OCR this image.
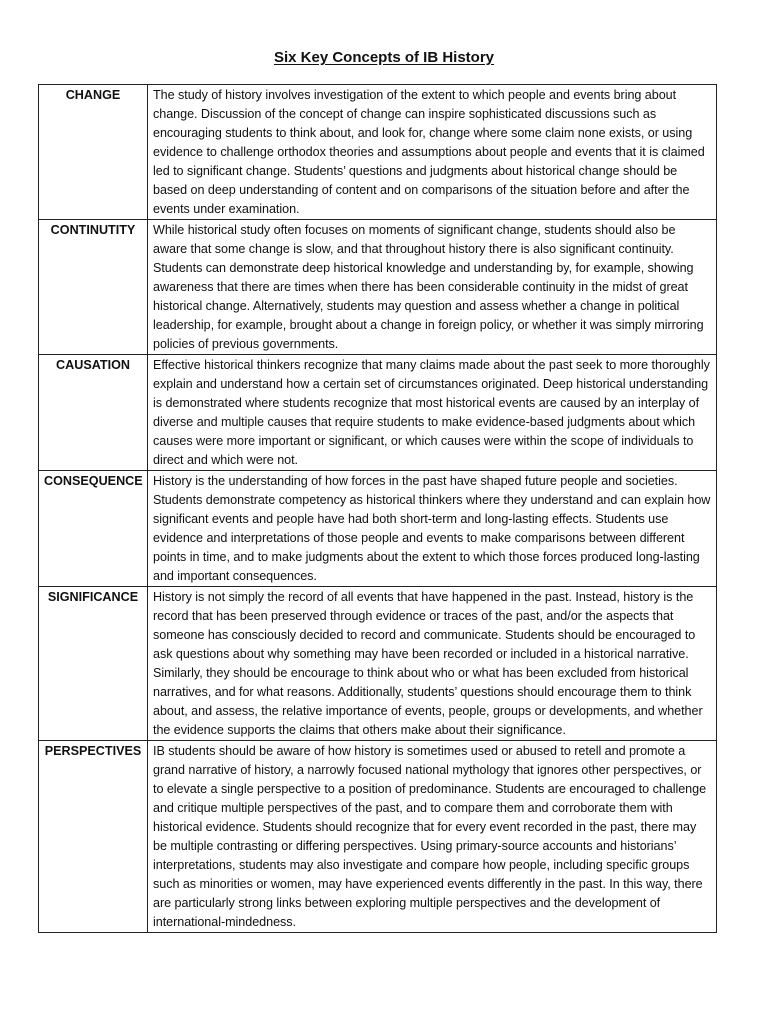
Six Key Concepts of IB History
CHANGE	The study of history involves investigation of the extent to which people and events bring about change. Discussion of the concept of change can inspire sophisticated discussions such as encouraging students to think about, and look for, change where some claim none exists, or using evidence to challenge orthodox theories and assumptions about people and events that it is claimed led to significant change. Students’ questions and judgments about historical change should be based on deep understanding of content and on comparisons of the situation before and after the events under examination.
CONTINUTITY	While historical study often focuses on moments of significant change, students should also be aware that some change is slow, and that throughout history there is also significant continuity. Students can demonstrate deep historical knowledge and understanding by, for example, showing awareness that there are times when there has been considerable continuity in the midst of great historical change. Alternatively, students may question and assess whether a change in political leadership, for example, brought about a change in foreign policy, or whether it was simply mirroring policies of previous governments.
CAUSATION	Effective historical thinkers recognize that many claims made about the past seek to more thoroughly explain and understand how a certain set of circumstances originated. Deep historical understanding is demonstrated where students recognize that most historical events are caused by an interplay of diverse and multiple causes that require students to make evidence-based judgments about which causes were more important or significant, or which causes were within the scope of individuals to direct and which were not.
CONSEQUENCE	History is the understanding of how forces in the past have shaped future people and societies. Students demonstrate competency as historical thinkers where they understand and can explain how significant events and people have had both short-term and long-lasting effects. Students use evidence and interpretations of those people and events to make comparisons between different points in time, and to make judgments about the extent to which those forces produced long-lasting and important consequences.
SIGNIFICANCE	History is not simply the record of all events that have happened in the past. Instead, history is the record that has been preserved through evidence or traces of the past, and/or the aspects that someone has consciously decided to record and communicate. Students should be encouraged to ask questions about why something may have been recorded or included in a historical narrative. Similarly, they should be encourage to think about who or what has been excluded from historical narratives, and for what reasons. Additionally, students’ questions should encourage them to think about, and assess, the relative importance of events, people, groups or developments, and whether the evidence supports the claims that others make about their significance.
PERSPECTIVES	IB students should be aware of how history is sometimes used or abused to retell and promote a grand narrative of history, a narrowly focused national mythology that ignores other perspectives, or to elevate a single perspective to a position of predominance. Students are encouraged to challenge and critique multiple perspectives of the past, and to compare them and corroborate them with historical evidence. Students should recognize that for every event recorded in the past, there may be multiple contrasting or differing perspectives. Using primary-source accounts and historians’ interpretations, students may also investigate and compare how people, including specific groups such as minorities or women, may have experienced events differently in the past. In this way, there are particularly strong links between exploring multiple perspectives and the development of international-mindedness.
